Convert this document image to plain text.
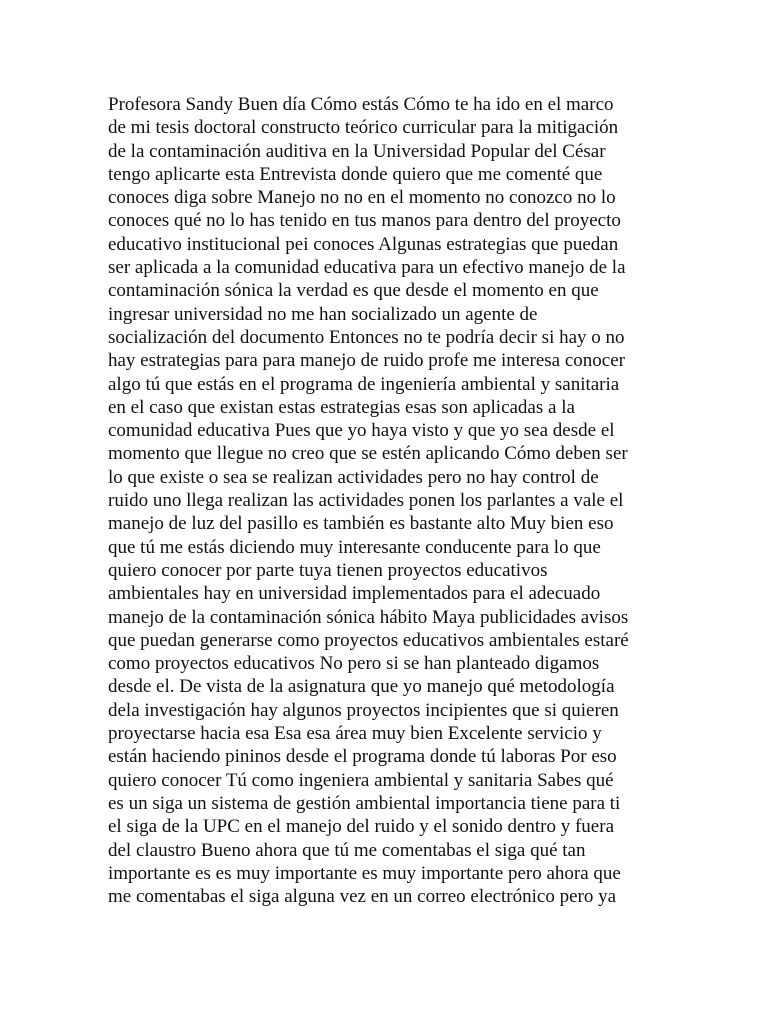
Profesora Sandy Buen día Cómo estás Cómo te ha ido en el marco
de mi tesis doctoral constructo teórico curricular para la mitigación
de la contaminación auditiva en la Universidad Popular del César
tengo aplicarte esta Entrevista donde quiero que me comenté que
conoces diga sobre Manejo no no en el momento no conozco no lo
conoces qué no lo has tenido en tus manos para dentro del proyecto
educativo institucional pei conoces Algunas estrategias que puedan
ser aplicada a la comunidad educativa para un efectivo manejo de la
contaminación sónica la verdad es que desde el momento en que
ingresar universidad no me han socializado un agente de
socialización del documento Entonces no te podría decir si hay o no
hay estrategias para para manejo de ruido profe me interesa conocer
algo tú que estás en el programa de ingeniería ambiental y sanitaria
en el caso que existan estas estrategias esas son aplicadas a la
comunidad educativa Pues que yo haya visto y que yo sea desde el
momento que llegue no creo que se estén aplicando Cómo deben ser
lo que existe o sea se realizan actividades pero no hay control de
ruido uno llega realizan las actividades ponen los parlantes a vale el
manejo de luz del pasillo es también es bastante alto Muy bien eso
que tú me estás diciendo muy interesante conducente para lo que
quiero conocer por parte tuya tienen proyectos educativos
ambientales hay en universidad implementados para el adecuado
manejo de la contaminación sónica hábito Maya publicidades avisos
que puedan generarse como proyectos educativos ambientales estaré
como proyectos educativos No pero si se han planteado digamos
desde el. De vista de la asignatura que yo manejo qué metodología
dela investigación hay algunos proyectos incipientes que si quieren
proyectarse hacia esa Esa esa área muy bien Excelente servicio y
están haciendo pininos desde el programa donde tú laboras Por eso
quiero conocer Tú como ingeniera ambiental y sanitaria Sabes qué
es un siga un sistema de gestión ambiental importancia tiene para ti
el siga de la UPC en el manejo del ruido y el sonido dentro y fuera
del claustro Bueno ahora que tú me comentabas el siga qué tan
importante es es muy importante es muy importante pero ahora que
me comentabas el siga alguna vez en un correo electrónico pero ya
